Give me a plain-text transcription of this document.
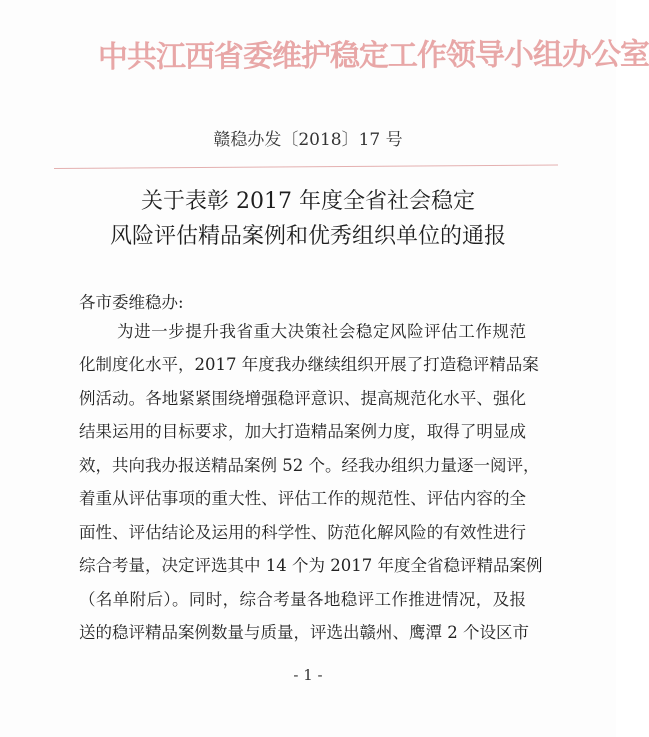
中共江西省委维护稳定工作领导小组办公室
赣稳办发〔2018〕17 号
关于表彰 2017 年度全省社会稳定
风险评估精品案例和优秀组织单位的通报
各市委维稳办:
为进一步提升我省重大决策社会稳定风险评估工作规范
化制度化水平，2017 年度我办继续组织开展了打造稳评精品案
例活动。各地紧紧围绕增强稳评意识、提高规范化水平、强化
结果运用的目标要求，加大打造精品案例力度，取得了明显成
效，共向我办报送精品案例 52 个。经我办组织力量逐一阅评，
着重从评估事项的重大性、评估工作的规范性、评估内容的全
面性、评估结论及运用的科学性、防范化解风险的有效性进行
综合考量，决定评选其中 14 个为 2017 年度全省稳评精品案例
（名单附后）。同时，综合考量各地稳评工作推进情况，及报
送的稳评精品案例数量与质量，评选出赣州、鹰潭 2 个设区市
- 1 -
